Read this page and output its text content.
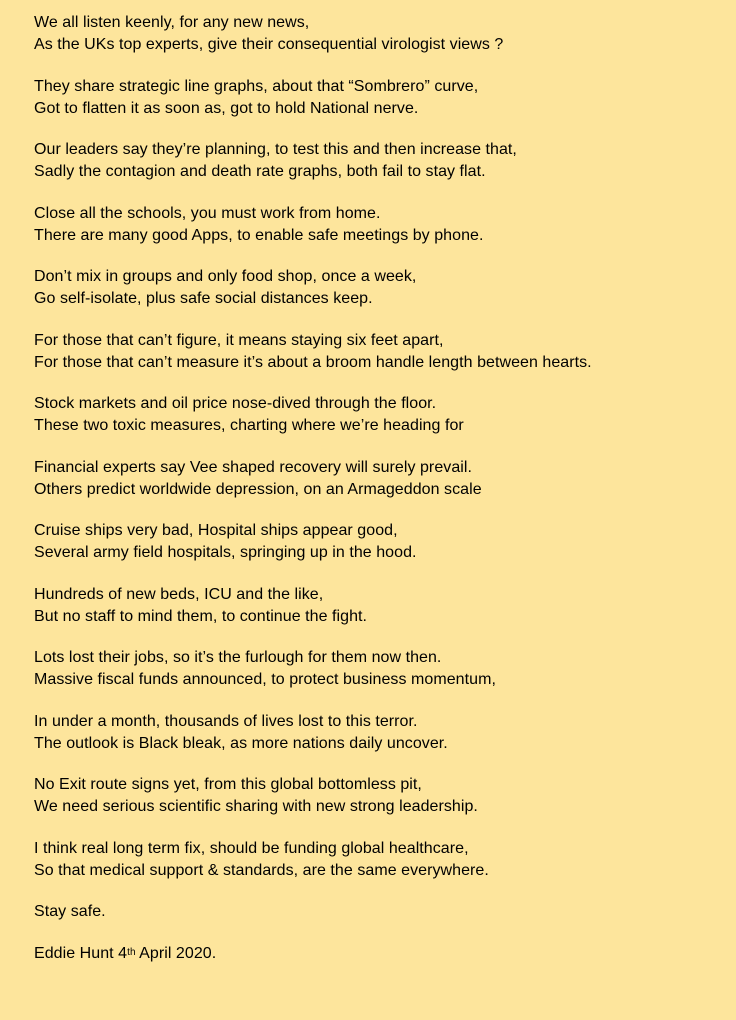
We all listen keenly, for any new news,
As the UKs top experts, give their consequential virologist views ?
They share strategic line graphs, about that “Sombrero” curve,
Got to flatten it as soon as, got to hold National nerve.
Our leaders say they’re planning, to test this and then increase that,
Sadly the contagion and death rate graphs, both fail to stay flat.
Close all the schools, you must work from home.
There are many good Apps, to enable safe meetings by phone.
Don’t mix in groups and only food shop, once a week,
Go self-isolate, plus safe social distances keep.
For those that can’t figure, it means staying six feet apart,
For those that can’t measure it’s about a broom handle length between hearts.
Stock markets and oil price nose-dived through the floor.
These two toxic measures, charting where we’re heading for
Financial experts say Vee shaped recovery will surely prevail.
Others predict worldwide depression, on an Armageddon scale
Cruise ships very bad, Hospital ships appear good,
Several army field hospitals, springing up in the hood.
Hundreds of new beds, ICU and the like,
But no staff to mind them, to continue the fight.
Lots lost their jobs, so it’s the furlough for them now then.
Massive fiscal funds announced, to protect business momentum,
In under a month, thousands of lives lost to this terror.
The outlook is Black bleak, as more nations daily uncover.
No Exit route signs yet, from this global bottomless pit,
We need serious scientific sharing with new strong leadership.
I think real long term fix, should be funding global healthcare,
So that medical support & standards, are the same everywhere.
Stay safe.
Eddie Hunt 4th April 2020.
